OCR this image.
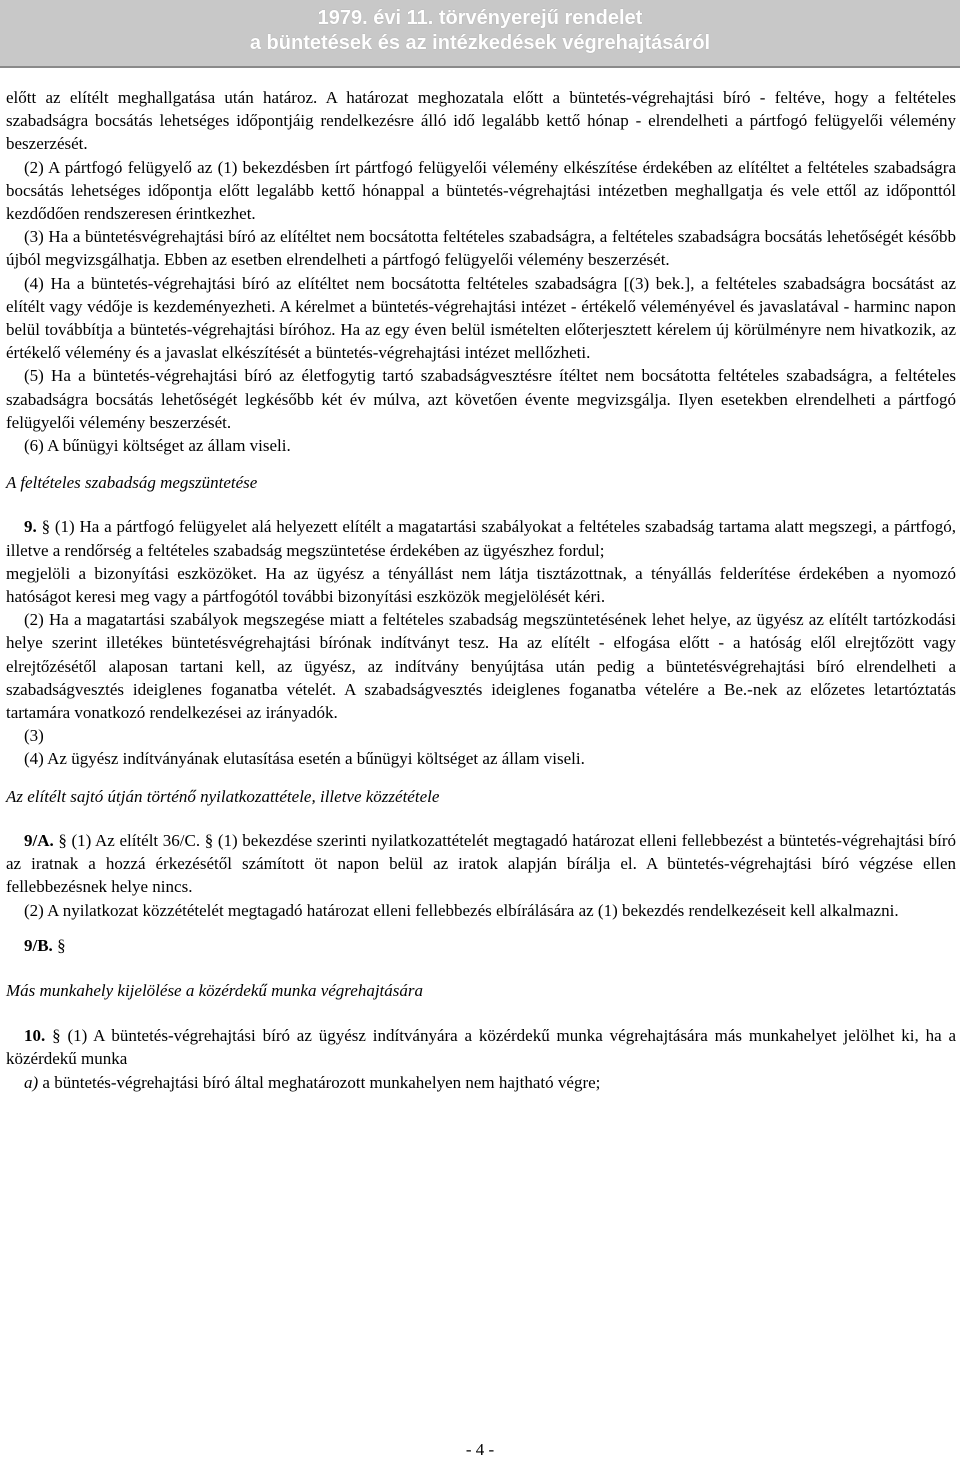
1979. évi 11. törvényerejű rendelet
a büntetések és az intézkedések végrehajtásáról

előtt az elítélt meghallgatása után határoz. A határozat meghozatala előtt a büntetés-végrehajtási bíró - feltéve, hogy a feltételes szabadságra bocsátás lehetséges időpontjáig rendelkezésre álló idő legalább kettő hónap - elrendelheti a pártfogó felügyelői vélemény beszerzését.

(2) A pártfogó felügyelő az (1) bekezdésben írt pártfogó felügyelői vélemény elkészítése érdekében az elítéltet a feltételes szabadságra bocsátás lehetséges időpontja előtt legalább kettő hónappal a büntetés-végrehajtási intézetben meghallgatja és vele ettől az időponttól kezdődően rendszeresen érintkezhet.

(3) Ha a büntetésvégrehajtási bíró az elítéltet nem bocsátotta feltételes szabadságra, a feltételes szabadságra bocsátás lehetőségét később újból megvizsgálhatja. Ebben az esetben elrendelheti a pártfogó felügyelői vélemény beszerzését.

(4) Ha a büntetés-végrehajtási bíró az elítéltet nem bocsátotta feltételes szabadságra [(3) bek.], a feltételes szabadságra bocsátást az elítélt vagy védője is kezdeményezheti. A kérelmet a büntetés-végrehajtási intézet - értékelő véleményével és javaslatával - harminc napon belül továbbítja a büntetés-végrehajtási bíróhoz. Ha az egy éven belül ismételten előterjesztett kérelem új körülményre nem hivatkozik, az értékelő vélemény és a javaslat elkészítését a büntetés-végrehajtási intézet mellőzheti.

(5) Ha a büntetés-végrehajtási bíró az életfogytig tartó szabadságvesztésre ítéltet nem bocsátotta feltételes szabadságra, a feltételes szabadságra bocsátás lehetőségét legkésőbb két év múlva, azt követően évente megvizsgálja. Ilyen esetekben elrendelheti a pártfogó felügyelői vélemény beszerzését.

(6) A bűnügyi költséget az állam viseli.

A feltételes szabadság megszüntetése

9. § (1) Ha a pártfogó felügyelet alá helyezett elítélt a magatartási szabályokat a feltételes szabadság tartama alatt megszegi, a pártfogó, illetve a rendőrség a feltételes szabadság megszüntetése érdekében az ügyészhez fordul;

megjelöli a bizonyítási eszközöket. Ha az ügyész a tényállást nem látja tisztázottnak, a tényállás felderítése érdekében a nyomozó hatóságot keresi meg vagy a pártfogótól további bizonyítási eszközök megjelölését kéri.

(2) Ha a magatartási szabályok megszegése miatt a feltételes szabadság megszüntetésének lehet helye, az ügyész az elítélt tartózkodási helye szerint illetékes büntetésvégrehajtási bírónak indítványt tesz. Ha az elítélt - elfogása előtt - a hatóság elől elrejtőzött vagy elrejtőzésétől alaposan tartani kell, az ügyész, az indítvány benyújtása után pedig a büntetésvégrehajtási bíró elrendelheti a szabadságvesztés ideiglenes foganatba vételét. A szabadságvesztés ideiglenes foganatba vételére a Be.-nek az előzetes letartóztatás tartamára vonatkozó rendelkezései az irányadók.

(3)

(4) Az ügyész indítványának elutasítása esetén a bűnügyi költséget az állam viseli.

Az elítélt sajtó útján történő nyilatkozattétele, illetve közzététele

9/A. § (1) Az elítélt 36/C. § (1) bekezdése szerinti nyilatkozattételét megtagadó határozat elleni fellebbezést a büntetés-végrehajtási bíró az iratnak a hozzá érkezésétől számított öt napon belül az iratok alapján bírálja el. A büntetés-végrehajtási bíró végzése ellen fellebbezésnek helye nincs.

(2) A nyilatkozat közzétételét megtagadó határozat elleni fellebbezés elbírálására az (1) bekezdés rendelkezéseit kell alkalmazni.

9/B. §

Más munkahely kijelölése a közérdekű munka végrehajtására

10. § (1) A büntetés-végrehajtási bíró az ügyész indítványára a közérdekű munka végrehajtására más munkahelyet jelölhet ki, ha a közérdekű munka

a) a büntetés-végrehajtási bíró által meghatározott munkahelyen nem hajtható végre;

- 4 -
